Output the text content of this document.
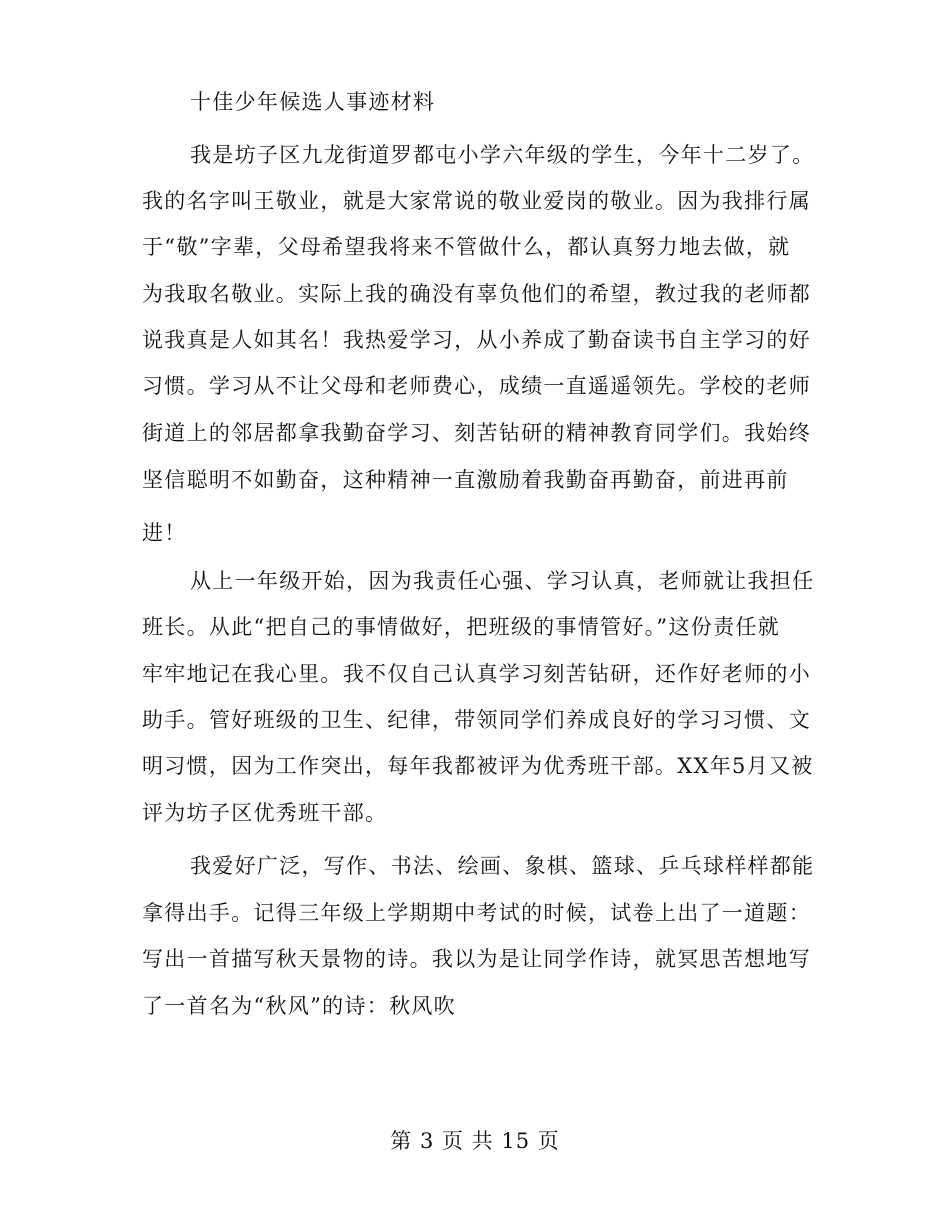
十佳少年候选人事迹材料
我是坊子区九龙街道罗都屯小学六年级的学生，今年十二岁了。
我的名字叫王敬业，就是大家常说的敬业爱岗的敬业。因为我排行属
于“敬”字辈，父母希望我将来不管做什么，都认真努力地去做，就
为我取名敬业。实际上我的确没有辜负他们的希望，教过我的老师都
说我真是人如其名！我热爱学习，从小养成了勤奋读书自主学习的好
习惯。学习从不让父母和老师费心，成绩一直遥遥领先。学校的老师
街道上的邻居都拿我勤奋学习、刻苦钻研的精神教育同学们。我始终
坚信聪明不如勤奋，这种精神一直激励着我勤奋再勤奋，前进再前
进！
从上一年级开始，因为我责任心强、学习认真，老师就让我担任
班长。从此“把自己的事情做好，把班级的事情管好。”这份责任就
牢牢地记在我心里。我不仅自己认真学习刻苦钻研，还作好老师的小
助手。管好班级的卫生、纪律，带领同学们养成良好的学习习惯、文
明习惯，因为工作突出，每年我都被评为优秀班干部。XX年5月又被
评为坊子区优秀班干部。
我爱好广泛，写作、书法、绘画、象棋、篮球、乒乓球样样都能
拿得出手。记得三年级上学期期中考试的时候，试卷上出了一道题：
写出一首描写秋天景物的诗。我以为是让同学作诗，就冥思苦想地写
了一首名为“秋风”的诗：秋风吹
第 3 页 共 15 页
